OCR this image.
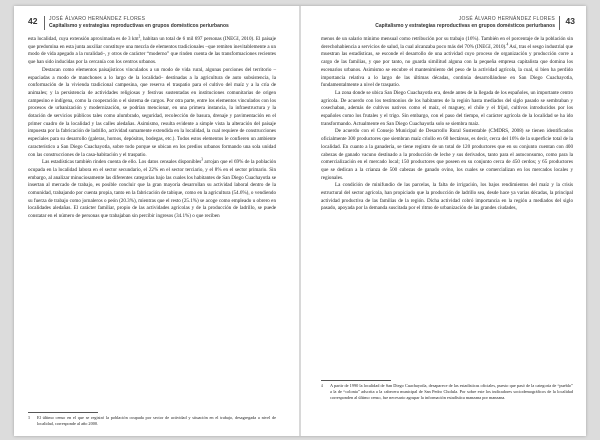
42 JOSÉ ÁLVARO HERNÁNDEZ FLORES
Capitalismo y estrategias reproductivas en grupos domésticos periurbanos

esta localidad, cuya extensión aproximada es de 3 $km^2$, habitan un total de 6 mil 697 personas (INEGI, 2010). El paisaje que predomina en esta junta auxiliar constituye una mezcla de elementos tradicionales –que remiten inevitablemente a un modo de vida apegado a la ruralidad–, y otros de carácter “moderno” que rinden cuenta de las transformaciones recientes que han sido inducidas por la cercanía con los centros urbanos.

Destacan como elementos paisajísticos vinculados a un modo de vida rural, algunas porciones del territorio –espaciadas a modo de manchones a lo largo de la localidad– destinadas a la agricultura de auto subsistencia, la conformación de la vivienda tradicional campesina, que reserva el traspatio para el cultivo del maíz y a la cría de animales; y la persistencia de actividades religiosas y festivas sustentadas en instituciones comunitarias de origen campesino e indígena, como la cooperación o el sistema de cargos. Por otra parte, entre los elementos vinculados con los procesos de urbanización y modernización, se podrían mencionar, en una primera instancia, la infraestructura y la dotación de servicios públicos tales como alumbrado, seguridad, recolección de basura, drenaje y pavimentación en el primer cuadro de la localidad y las calles aledañas. Asimismo, resulta evidente a simple vista la alteración del paisaje impuesta por la fabricación de ladrillo, actividad sumamente extendida en la localidad, la cual requiere de construcciones especiales para su desarrollo (galeras, hornos, depósitos, bodegas, etc.). Todos estos elementos le confieren un ambiente característico a San Diego Cuachayotla, sobre todo porque se ubican en los predios urbanos formando una sola unidad con las construcciones de la casa-habitación y el traspatio.

Las estadísticas también rinden cuenta de ello. Los datos censales disponibles$^3$ arrojan que el 69% de la población ocupada en la localidad labora en el sector secundario, el 22% en el sector terciario, y el 8% en el sector primario. Sin embargo, al analizar minuciosamente las diferentes categorías bajo las cuales los habitantes de San Diego Cuachayotla se insertan al mercado de trabajo, es posible concluir que la gran mayoría desarrollan su actividad laboral dentro de la comunidad, trabajando por cuenta propia, tanto en la fabricación de tabique, como en la agricultura (54.6%), o vendiendo su fuerza de trabajo como jornaleros o peón (20.3%), mientras que el resto (25.1%) se acoge como empleado u obrero en localidades aledañas. El carácter familiar, propio de las actividades agrícolas y de la producción de ladrillo, se puede constatar en el número de personas que trabajaban sin percibir ingresos (34.1%) o que reciben

3	El último censo en el que se registró la población ocupada por sector de actividad y situación en el trabajo, desagregada a nivel de localidad, corresponde al año 2000.
JOSÉ ÁLVARO HERNÁNDEZ FLORES
Capitalismo y estrategias reproductivas en grupos domésticos periurbanos 43

menos de un salario mínimo mensual como retribución por su trabajo (16%). También en el porcentaje de la población sin derechohabiencia a servicios de salud, la cual alcanzaba poco más del 70% (INEGI, 2010).$^4$ Así, tras el sesgo industrial que muestran las estadísticas, se esconde el desarrollo de una actividad cuyo proceso de organización y producción corre a cargo de las familias, y que por tanto, no guarda similitud alguna con la pequeña empresa capitalista que domina los escenarios urbanos. Asimismo se encubre el mantenimiento del peso de la actividad agrícola, la cual, si bien ha perdido importancia relativa a lo largo de las últimas décadas, continúa desarrollándose en San Diego Cuachayotla, fundamentalmente a nivel de traspatio.

La zona donde se ubica San Diego Cuachayotla era, desde antes de la llegada de los españoles, un importante centro agrícola. De acuerdo con los testimonios de los habitantes de la región hasta mediados del siglo pasado se sembraban y cosechaban, además de cultivos nativos como el maíz, el maguey, el chile y el frijol, cultivos introducidos por los españoles como los frutales y el trigo. Sin embargo, con el paso del tiempo, el carácter agrícola de la localidad se ha ido transformando. Actualmente en San Diego Cuachayotla solo se siembra maíz.

De acuerdo con el Consejo Municipal de Desarrollo Rural Sustentable (CMDRS, 2008) se tienen identificados oficialmente 300 productores que siembran maíz criollo en 60 hectáreas, es decir, cerca del 16% de la superficie total de la localidad. En cuanto a la ganadería, se tiene registro de un total de 120 productores que en su conjunto cuentan con 400 cabezas de ganado vacuno destinado a la producción de leche y sus derivados, tanto para el autoconsumo, como para la comercialización en el mercado local; 150 productores que poseen en su conjunto cerca de 450 cerdos; y 65 productores que se dedican a la crianza de 500 cabezas de ganado ovino, los cuales se comercializan en los mercados locales y regionales.

La condición de minifundio de las parcelas, la falta de irrigación, los bajos rendimientos del maíz y la crisis estructural del sector agrícola, han propiciado que la producción de ladrillo sea, desde hace ya varias décadas, la principal actividad productiva de las familias de la región. Dicha actividad cobró importancia en la región a mediados del siglo pasado, apoyada por la demanda suscitada por el ritmo de urbanización de las grandes ciudades,

4	A partir de 1990 la localidad de San Diego Cuachayotla, desaparece de las estadísticas oficiales, puesto que pasó de la categoría de “pueblo” a la de “colonia” adscrita a la cabecera municipal de San Pedro Cholula. Por sobre este los indicadores sociodemográficos de la localidad corresponden al último censo, fue necesario agrupar la información estadística manzana por manzana.
